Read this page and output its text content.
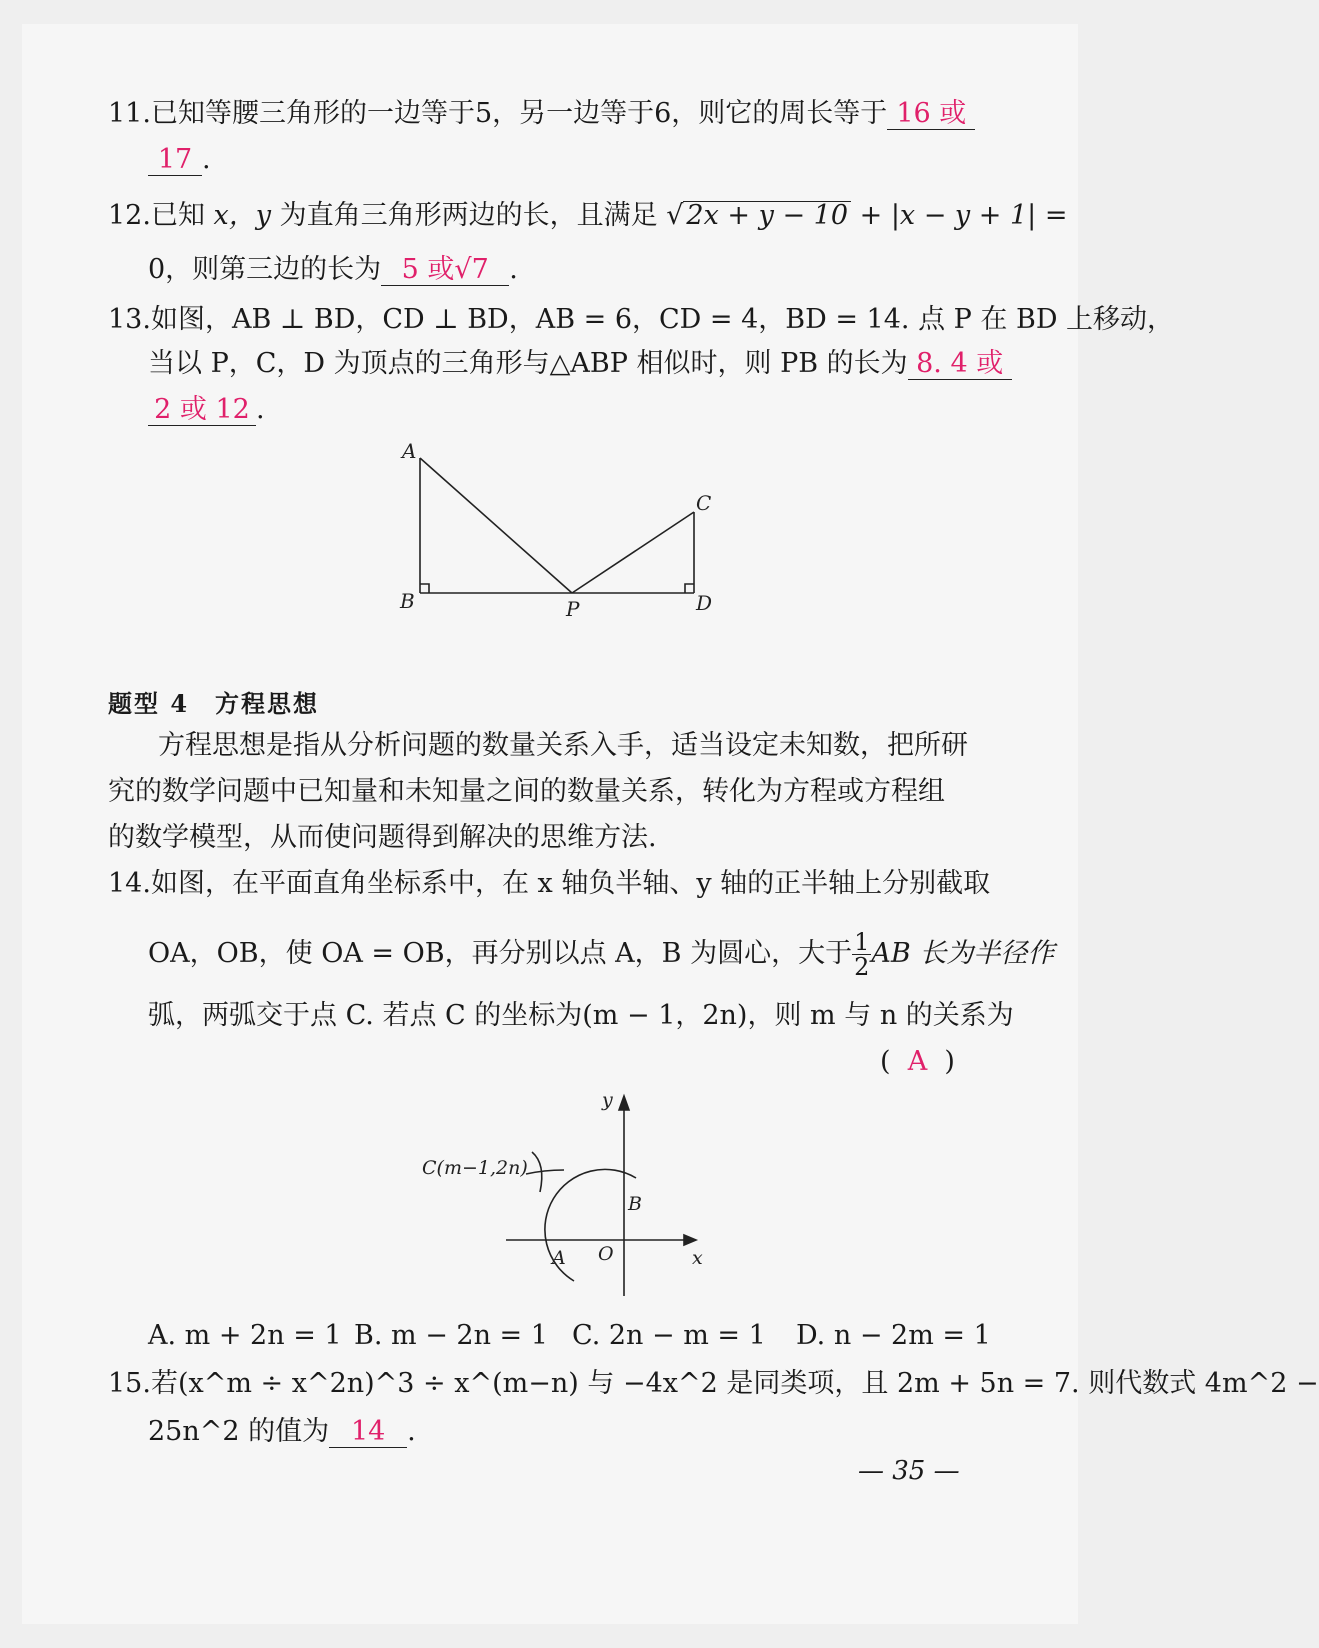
11.已知等腰三角形的一边等于5，另一边等于6，则它的周长等于 16 或
17 .
12.已知 x，y 为直角三角形两边的长，且满足 √ 2x + y − 10 + |x − y + 1| =
0，则第三边的长为 5 或√7 .
13.如图，AB ⊥ BD，CD ⊥ BD，AB = 6，CD = 4，BD = 14. 点 P 在 BD 上移动，
当以 P，C，D 为顶点的三角形与△ABP 相似时，则 PB 的长为 8. 4 或
2 或 12 .
A
B
C
D
P
题型 4　方程思想
方程思想是指从分析问题的数量关系入手，适当设定未知数，把所研
究的数学问题中已知量和未知量之间的数量关系，转化为方程或方程组
的数学模型，从而使问题得到解决的思维方法.
14.如图，在平面直角坐标系中，在 x 轴负半轴、y 轴的正半轴上分别截取
OA，OB，使 OA = OB，再分别以点 A，B 为圆心，大于 $\frac{1}{2}$ AB 长为半径作
弧，两弧交于点 C. 若点 C 的坐标为(m − 1，2n)，则 m 与 n 的关系为
( A )
y
x
B
A O
C(m−1,2n)
A. m + 2n = 1 B. m − 2n = 1 C. 2n − m = 1 D. n − 2m = 1
15.若(x^m ÷ x^2n)^3 ÷ x^(m−n) 与 −4x^2 是同类项，且 2m + 5n = 7. 则代数式 4m^2 −
25n^2 的值为 14 .
— 35 —
